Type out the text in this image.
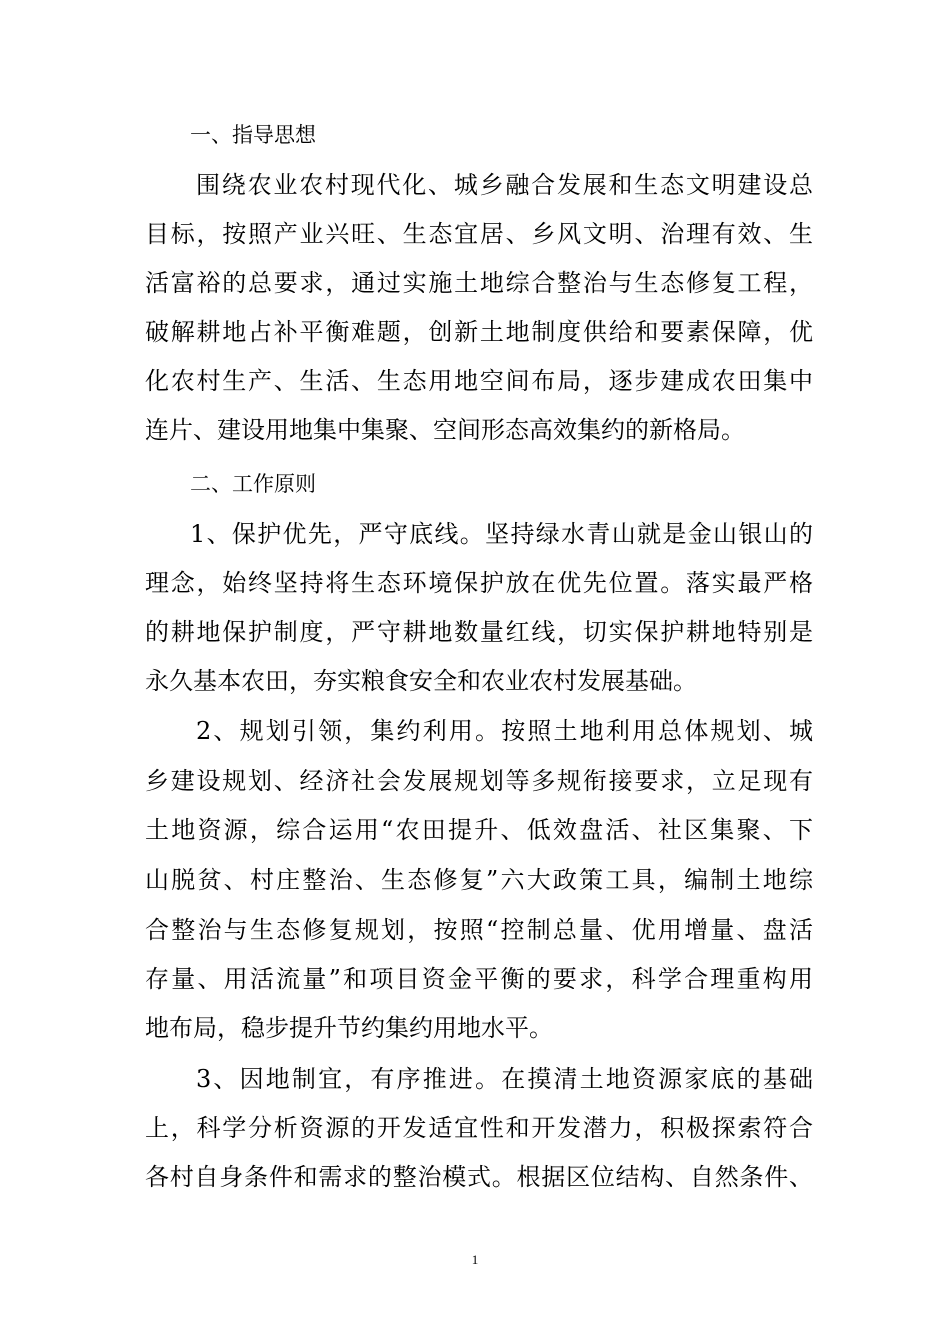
一、指导思想
围绕农业农村现代化、城乡融合发展和生态文明建设总
目标，按照产业兴旺、生态宜居、乡风文明、治理有效、生
活富裕的总要求，通过实施土地综合整治与生态修复工程，
破解耕地占补平衡难题，创新土地制度供给和要素保障，优
化农村生产、生活、生态用地空间布局，逐步建成农田集中
连片、建设用地集中集聚、空间形态高效集约的新格局。
二、工作原则
1、保护优先，严守底线。坚持绿水青山就是金山银山的
理念，始终坚持将生态环境保护放在优先位置。落实最严格
的耕地保护制度，严守耕地数量红线，切实保护耕地特别是
永久基本农田，夯实粮食安全和农业农村发展基础。
2、规划引领，集约利用。按照土地利用总体规划、城
乡建设规划、经济社会发展规划等多规衔接要求，立足现有
土地资源，综合运用“农田提升、低效盘活、社区集聚、下
山脱贫、村庄整治、生态修复”六大政策工具，编制土地综
合整治与生态修复规划，按照“控制总量、优用增量、盘活
存量、用活流量”和项目资金平衡的要求，科学合理重构用
地布局，稳步提升节约集约用地水平。
3、因地制宜，有序推进。在摸清土地资源家底的基础
上，科学分析资源的开发适宜性和开发潜力，积极探索符合
各村自身条件和需求的整治模式。根据区位结构、自然条件、
1
